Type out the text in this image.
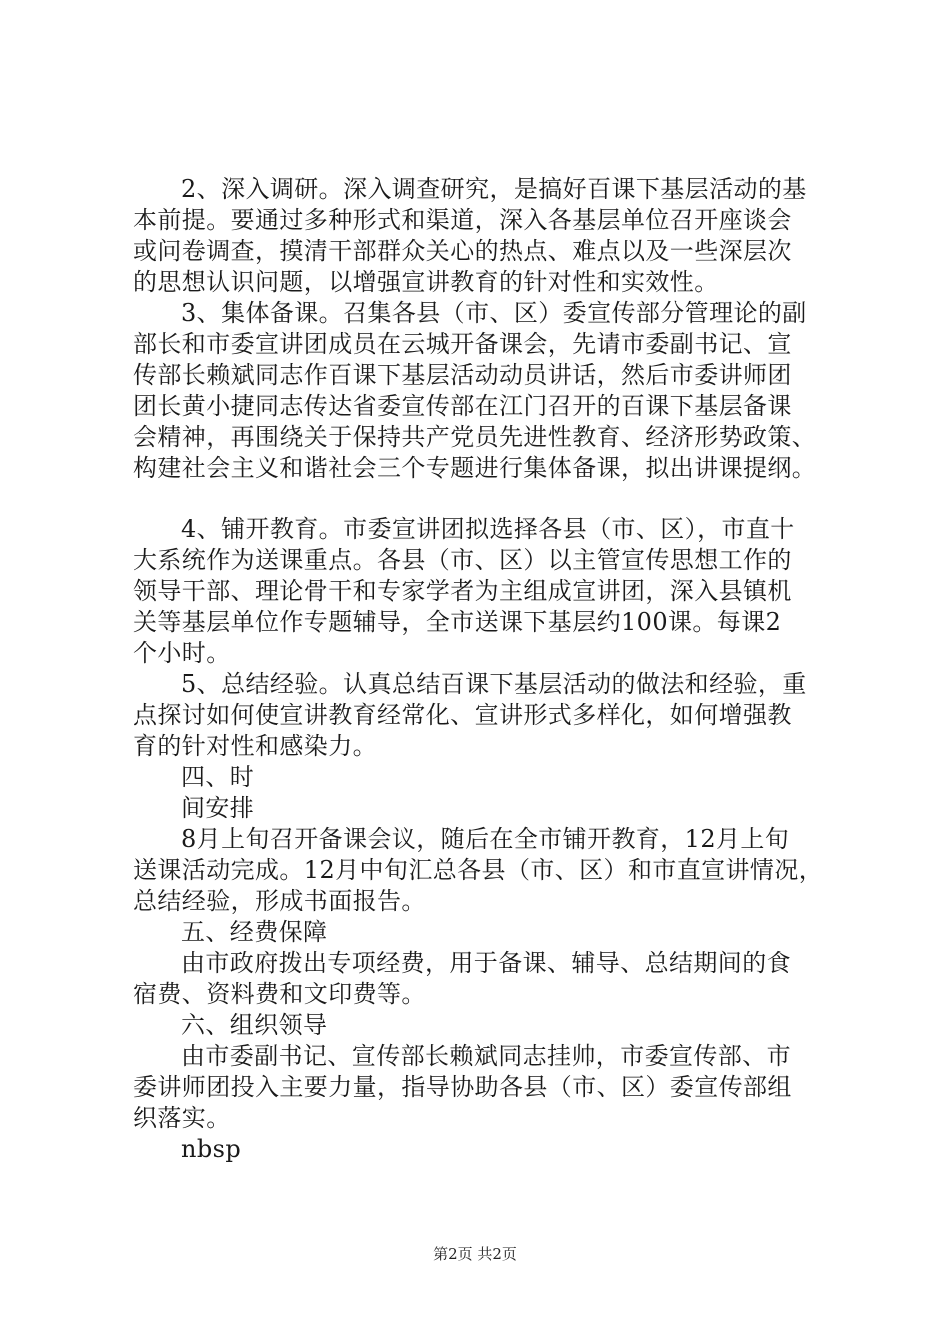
2、深入调研。深入调查研究，是搞好百课下基层活动的基
本前提。要通过多种形式和渠道，深入各基层单位召开座谈会
或问卷调查，摸清干部群众关心的热点、难点以及一些深层次
的思想认识问题，以增强宣讲教育的针对性和实效性。
3、集体备课。召集各县（市、区）委宣传部分管理论的副
部长和市委宣讲团成员在云城开备课会，先请市委副书记、宣
传部长赖斌同志作百课下基层活动动员讲话，然后市委讲师团
团长黄小捷同志传达省委宣传部在江门召开的百课下基层备课
会精神，再围绕关于保持共产党员先进性教育、经济形势政策、
构建社会主义和谐社会三个专题进行集体备课，拟出讲课提纲。
4、铺开教育。市委宣讲团拟选择各县（市、区），市直十
大系统作为送课重点。各县（市、区）以主管宣传思想工作的
领导干部、理论骨干和专家学者为主组成宣讲团，深入县镇机
关等基层单位作专题辅导，全市送课下基层约100课。每课2
个小时。
5、总结经验。认真总结百课下基层活动的做法和经验，重
点探讨如何使宣讲教育经常化、宣讲形式多样化，如何增强教
育的针对性和感染力。
四、时
间安排
8月上旬召开备课会议，随后在全市铺开教育，12月上旬
送课活动完成。12月中旬汇总各县（市、区）和市直宣讲情况，
总结经验，形成书面报告。
五、经费保障
由市政府拨出专项经费，用于备课、辅导、总结期间的食
宿费、资料费和文印费等。
六、组织领导
由市委副书记、宣传部长赖斌同志挂帅，市委宣传部、市
委讲师团投入主要力量，指导协助各县（市、区）委宣传部组
织落实。
nbsp
第2页 共2页
